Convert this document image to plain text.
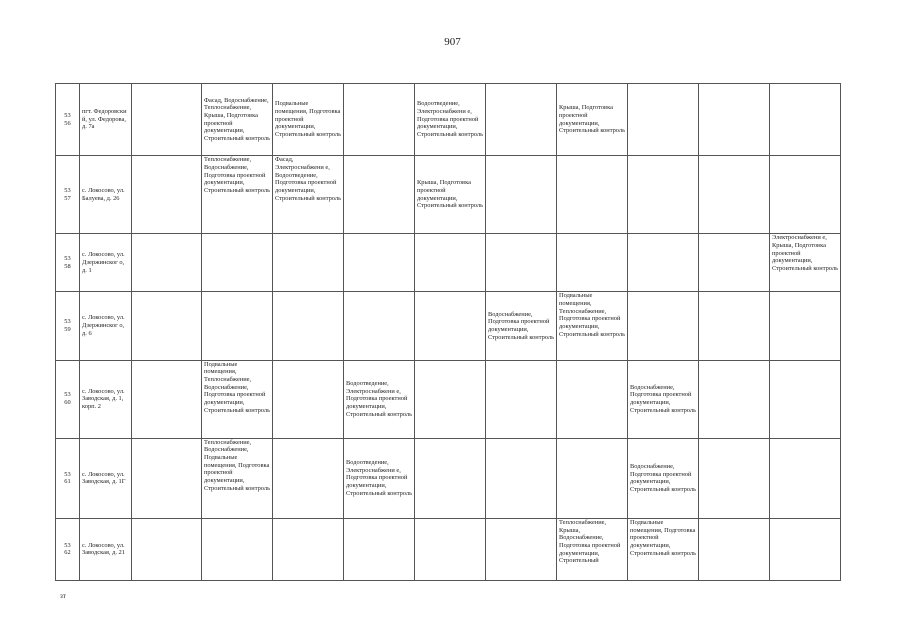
907
53
56	пгт. Федоровски й, ул. Федорова, д. 7а		Фасад, Водоснабжение, Теплоснабжение, Крыша, Подготовка проектной документации, Строительный контроль	Подвальные помещения, Подготовка проектной документации, Строительный контроль		Водоотведение, Электроснабжени е, Подготовка проектной документации, Строительный контроль		Крыша, Подготовка проектной документации, Строительный контроль			
53
57	с. Локосово, ул. Балуева, д. 26		Теплоснабжение, Водоснабжение, Подготовка проектной документации, Строительный контроль	Фасад, Электроснабжени е, Водоотведение, Подготовка проектной документации, Строительный контроль		Крыша, Подготовка проектной документации, Строительный контроль					
53
58	с. Локосово, ул. Дзержинског о, д. 1										Электроснабжени е, Крыша, Подготовка проектной документации, Строительный контроль
53
59	с. Локосово, ул. Дзержинског о, д. 6						Водоснабжение, Подготовка проектной документации, Строительный контроль	Подвальные помещения, Теплоснабжение, Подготовка проектной документации, Строительный контроль			
53
60	с. Локосово, ул. Заводская, д. 1, корп. 2		Подвальные помещения, Теплоснабжение, Водоснабжение, Подготовка проектной документации, Строительный контроль		Водоотведение, Электроснабжени е, Подготовка проектной документации, Строительный контроль				Водоснабжение, Подготовка проектной документации, Строительный контроль		
53
61	с. Локосово, ул. Заводская, д. 1Г		Теплоснабжение, Водоснабжение, Подвальные помещения, Подготовка проектной документации, Строительный контроль		Водоотведение, Электроснабжени е, Подготовка проектной документации, Строительный контроль				Водоснабжение, Подготовка проектной документации, Строительный контроль		
53
62	с. Локосово, ул. Заводская, д. 21							Теплоснабжение, Крыша, Водоснабжение, Подготовка проектной документации, Строительный	Подвальные помещения, Подготовка проектной документации, Строительный контроль		
зт
